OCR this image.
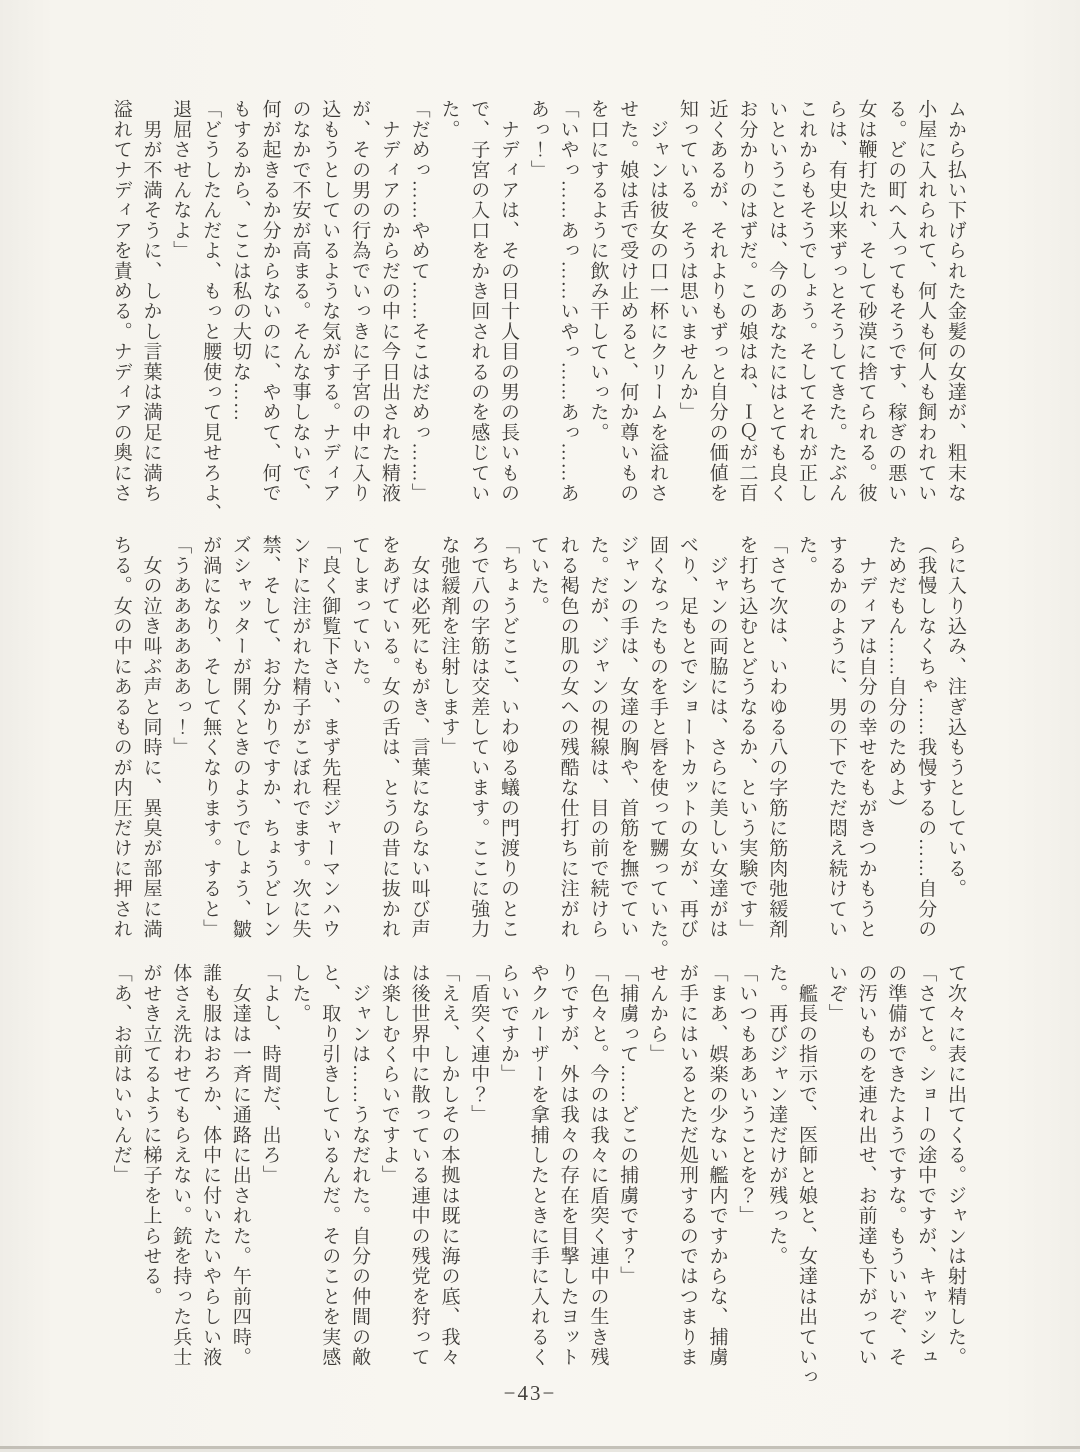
ムから払い下げられた金髪の女達が、粗末な
小屋に入れられて、何人も何人も飼われてい
る。どの町へ入ってもそうです、稼ぎの悪い
女は鞭打たれ、そして砂漠に捨てられる。彼
らは、有史以来ずっとそうしてきた。たぶん
これからもそうでしょう。そしてそれが正し
いということは、今のあなたにはとても良く
お分かりのはずだ。この娘はね、ＩＱが二百
近くあるが、それよりもずっと自分の価値を
知っている。そうは思いませんか」
　ジャンは彼女の口一杯にクリームを溢れさ
せた。娘は舌で受け止めると、何か尊いもの
を口にするように飲み干していった。
「いやっ……あっ……いやっ……あっ……あ
あっ！」
　ナディアは、その日十人目の男の長いもの
で、子宮の入口をかき回されるのを感じてい
た。
「だめっ……やめて……そこはだめっ……」
　ナディアのからだの中に今日出された精液
が、その男の行為でいっきに子宮の中に入り
込もうとしているような気がする。ナディア
のなかで不安が高まる。そんな事しないで、
何が起きるか分からないのに、やめて、何で
もするから、ここは私の大切な……
「どうしたんだよ、もっと腰使って見せろよ、
退屈させんなよ」
　男が不満そうに、しかし言葉は満足に満ち
溢れてナディアを責める。ナディアの奥にさ
らに入り込み、注ぎ込もうとしている。
（我慢しなくちゃ……我慢するの……自分の
ためだもん……自分のためよ）
　ナディアは自分の幸せをもがきつかもうと
するかのように、男の下でただ悶え続けてい
た。
「さて次は、いわゆる八の字筋に筋肉弛緩剤
を打ち込むとどうなるか、という実験です」
　ジャンの両脇には、さらに美しい女達がは
べり、足もとでショートカットの女が、再び
固くなったものを手と唇を使って嬲っていた。
ジャンの手は、女達の胸や、首筋を撫でてい
た。だが、ジャンの視線は、目の前で続けら
れる褐色の肌の女への残酷な仕打ちに注がれ
ていた。
「ちょうどここ、いわゆる蟻の門渡りのとこ
ろで八の字筋は交差しています。ここに強力
な弛緩剤を注射します」
　女は必死にもがき、言葉にならない叫び声
をあげている。女の舌は、とうの昔に抜かれ
てしまっていた。
「良く御覧下さい、まず先程ジャーマンハウ
ンドに注がれた精子がこぼれでます。次に失
禁、そして、お分かりですか、ちょうどレン
ズシャッターが開くときのようでしょう、皺
が渦になり、そして無くなります。すると」
「うああああああっ！」
　女の泣き叫ぶ声と同時に、異臭が部屋に満
ちる。女の中にあるものが内圧だけに押され
て次々に表に出てくる。ジャンは射精した。
「さてと。ショーの途中ですが、キャッシュ
の準備ができたようですな。もういいぞ、そ
の汚いものを連れ出せ、お前達も下がってい
いぞ」
　艦長の指示で、医師と娘と、女達は出ていっ
た。再びジャン達だけが残った。
「いつもああいうことを？」
「まあ、娯楽の少ない艦内ですからな、捕虜
が手にはいるとただ処刑するのではつまりま
せんから」
「捕虜って……どこの捕虜です？」
「色々と。今のは我々に盾突く連中の生き残
りですが、外は我々の存在を目撃したヨット
やクルーザーを拿捕したときに手に入れるく
らいですか」
「盾突く連中？」
「ええ、しかしその本拠は既に海の底、我々
は後世界中に散っている連中の残党を狩って
は楽しむくらいですよ」
　ジャンは……うなだれた。自分の仲間の敵
と、取り引きしているんだ。そのことを実感
した。
「よし、時間だ、出ろ」
　女達は一斉に通路に出された。午前四時。
誰も服はおろか、体中に付いたいやらしい液
体さえ洗わせてもらえない。銃を持った兵士
がせき立てるように梯子を上らせる。
「あ、お前はいいんだ」
−43−
